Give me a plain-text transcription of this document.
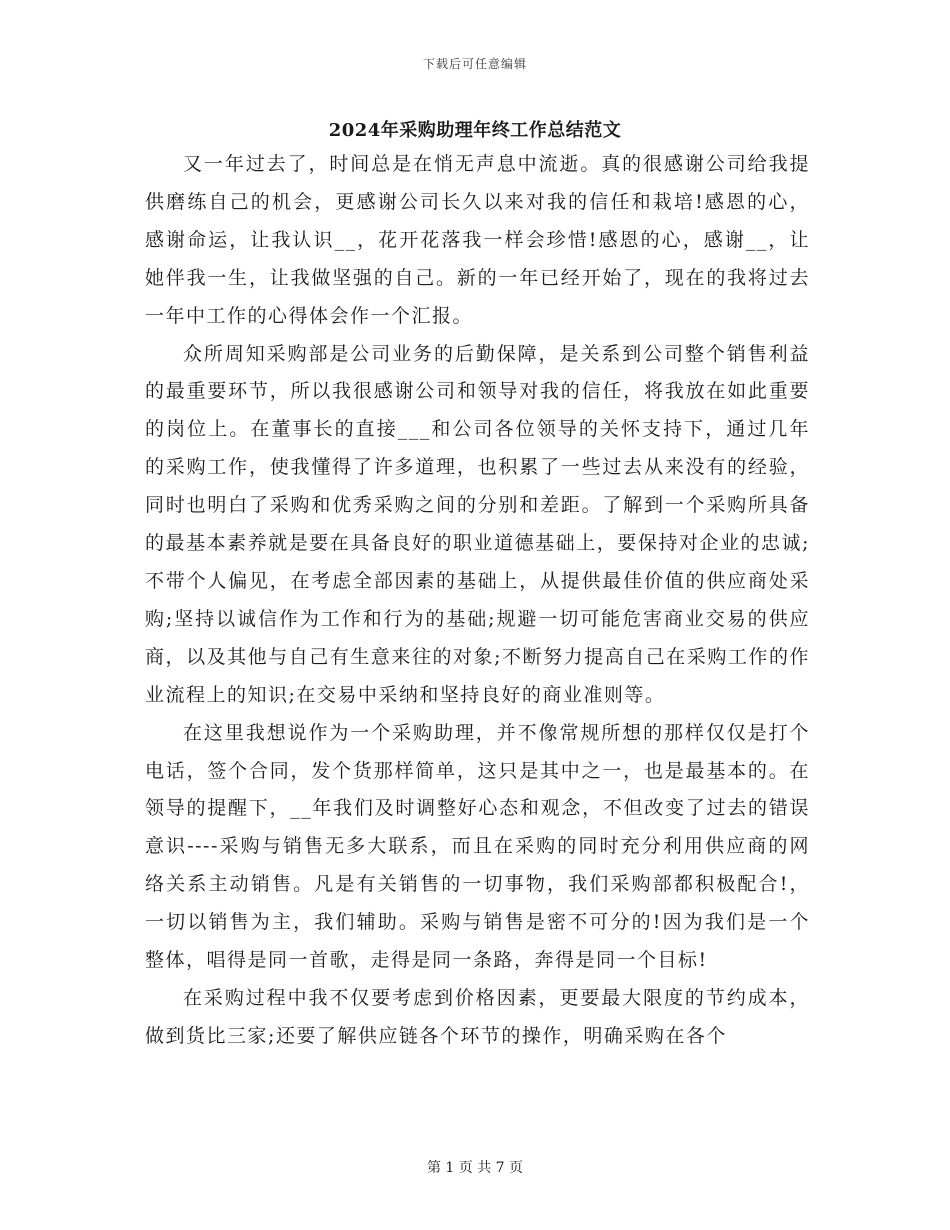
下载后可任意编辑
2024年采购助理年终工作总结范文

又一年过去了，时间总是在悄无声息中流逝。真的很感谢公司给我提供磨练自己的机会，更感谢公司长久以来对我的信任和栽培!感恩的心，感谢命运，让我认识__，花开花落我一样会珍惜!感恩的心，感谢__，让她伴我一生，让我做坚强的自己。新的一年已经开始了，现在的我将过去一年中工作的心得体会作一个汇报。

众所周知采购部是公司业务的后勤保障，是关系到公司整个销售利益的最重要环节，所以我很感谢公司和领导对我的信任，将我放在如此重要的岗位上。在董事长的直接___和公司各位领导的关怀支持下，通过几年的采购工作，使我懂得了许多道理，也积累了一些过去从来没有的经验，同时也明白了采购和优秀采购之间的分别和差距。了解到一个采购所具备的最基本素养就是要在具备良好的职业道德基础上，要保持对企业的忠诚;不带个人偏见，在考虑全部因素的基础上，从提供最佳价值的供应商处采购;坚持以诚信作为工作和行为的基础;规避一切可能危害商业交易的供应商，以及其他与自己有生意来往的对象;不断努力提高自己在采购工作的作业流程上的知识;在交易中采纳和坚持良好的商业准则等。

在这里我想说作为一个采购助理，并不像常规所想的那样仅仅是打个电话，签个合同，发个货那样简单，这只是其中之一，也是最基本的。在领导的提醒下，__年我们及时调整好心态和观念，不但改变了过去的错误意识----采购与销售无多大联系，而且在采购的同时充分利用供应商的网络关系主动销售。凡是有关销售的一切事物，我们采购部都积极配合!，一切以销售为主，我们辅助。采购与销售是密不可分的!因为我们是一个整体，唱得是同一首歌，走得是同一条路，奔得是同一个目标!

在采购过程中我不仅要考虑到价格因素，更要最大限度的节约成本，做到货比三家;还要了解供应链各个环节的操作，明确采购在各个

第 1 页 共 7 页
